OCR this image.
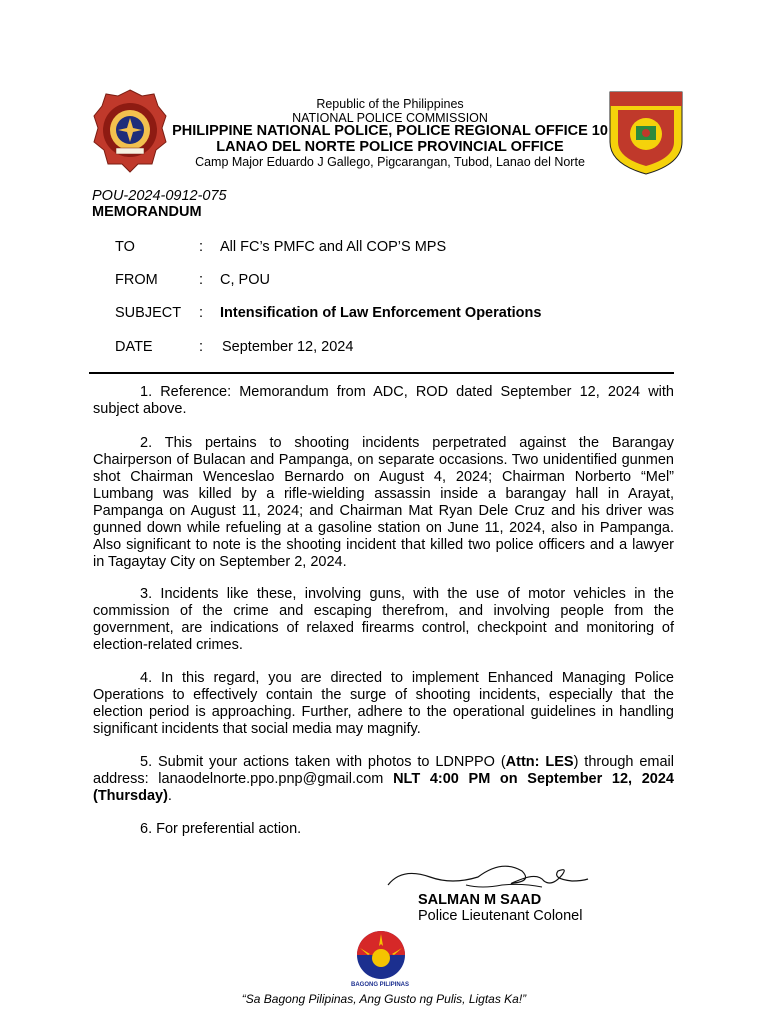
Republic of the Philippines
NATIONAL POLICE COMMISSION
PHILIPPINE NATIONAL POLICE, POLICE REGIONAL OFFICE 10
LANAO DEL NORTE POLICE PROVINCIAL OFFICE
Camp Major Eduardo J Gallego, Pigcarangan, Tubod, Lanao del Norte
POU-2024-0912-075
MEMORANDUM
TO	: All FC’s PMFC and All COP’S MPS
FROM	: C, POU
SUBJECT : Intensification of Law Enforcement Operations
DATE	: September 12, 2024
1. Reference: Memorandum from ADC, ROD dated September 12, 2024 with subject above.
2. This pertains to shooting incidents perpetrated against the Barangay Chairperson of Bulacan and Pampanga, on separate occasions. Two unidentified gunmen shot Chairman Wenceslao Bernardo on August 4, 2024; Chairman Norberto “Mel” Lumbang was killed by a rifle-wielding assassin inside a barangay hall in Arayat, Pampanga on August 11, 2024; and Chairman Mat Ryan Dele Cruz and his driver was gunned down while refueling at a gasoline station on June 11, 2024, also in Pampanga. Also significant to note is the shooting incident that killed two police officers and a lawyer in Tagaytay City on September 2, 2024.
3. Incidents like these, involving guns, with the use of motor vehicles in the commission of the crime and escaping therefrom, and involving people from the government, are indications of relaxed firearms control, checkpoint and monitoring of election-related crimes.
4. In this regard, you are directed to implement Enhanced Managing Police Operations to effectively contain the surge of shooting incidents, especially that the election period is approaching. Further, adhere to the operational guidelines in handling significant incidents that social media may magnify.
5. Submit your actions taken with photos to LDNPPO (Attn: LES) through email address: lanaodelnorte.ppo.pnp@gmail.com NLT 4:00 PM on September 12, 2024 (Thursday).
6. For preferential action.
SALMAN M SAAD
Police Lieutenant Colonel
BAGONG PILIPINAS
“Sa Bagong Pilipinas, Ang Gusto ng Pulis, Ligtas Ka!”
